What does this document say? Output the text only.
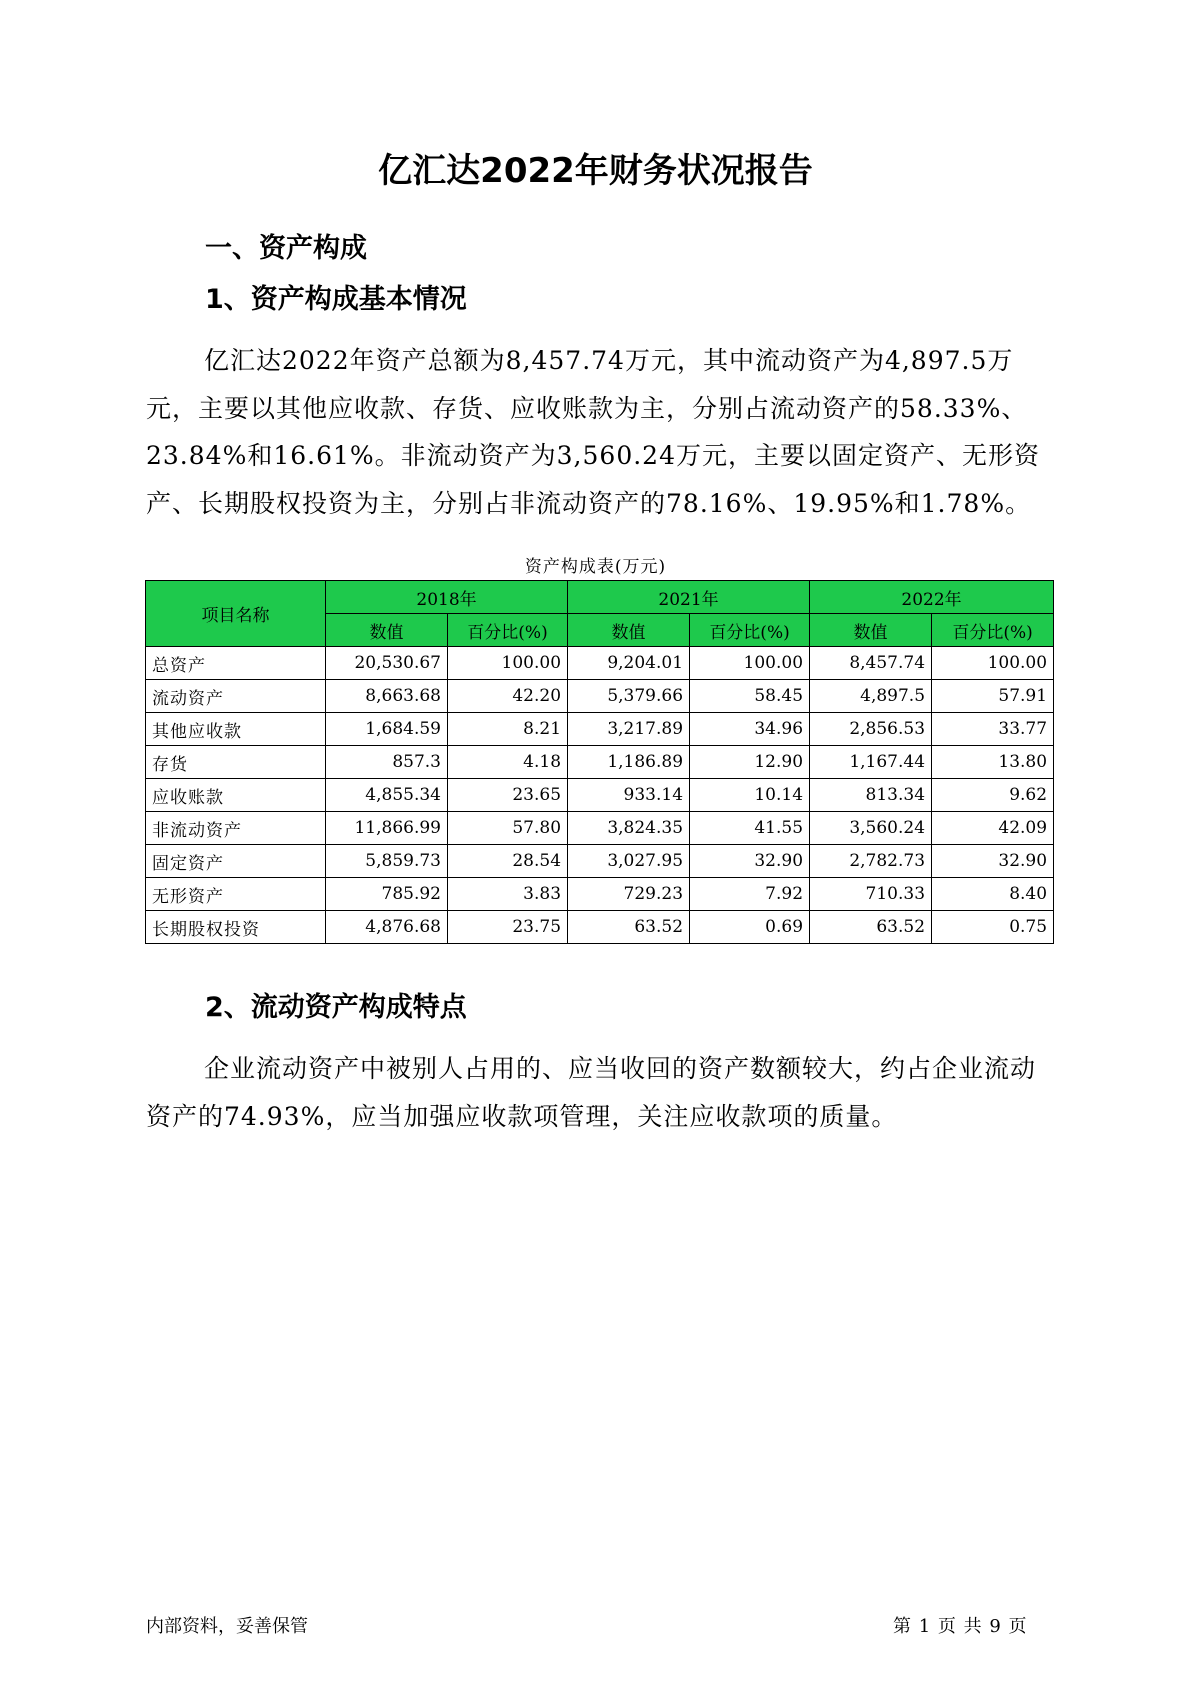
亿汇达2022年财务状况报告
一、资产构成
1、资产构成基本情况
亿汇达2022年资产总额为8,457.74万元，其中流动资产为4,897.5万元，主要以其他应收款、存货、应收账款为主，分别占流动资产的58.33%、23.84%和16.61%。非流动资产为3,560.24万元，主要以固定资产、无形资产、长期股权投资为主，分别占非流动资产的78.16%、19.95%和1.78%。
资产构成表(万元)
项目名称	2018年		2021年		2022年	
	数值	百分比(%)	数值	百分比(%)	数值	百分比(%)
总资产	20,530.67	100.00	9,204.01	100.00	8,457.74	100.00
流动资产	8,663.68	42.20	5,379.66	58.45	4,897.5	57.91
其他应收款	1,684.59	8.21	3,217.89	34.96	2,856.53	33.77
存货	857.3	4.18	1,186.89	12.90	1,167.44	13.80
应收账款	4,855.34	23.65	933.14	10.14	813.34	9.62
非流动资产	11,866.99	57.80	3,824.35	41.55	3,560.24	42.09
固定资产	5,859.73	28.54	3,027.95	32.90	2,782.73	32.90
无形资产	785.92	3.83	729.23	7.92	710.33	8.40
长期股权投资	4,876.68	23.75	63.52	0.69	63.52	0.75
2、流动资产构成特点
企业流动资产中被别人占用的、应当收回的资产数额较大，约占企业流动资产的74.93%，应当加强应收款项管理，关注应收款项的质量。
内部资料，妥善保管	第 1 页 共 9 页
